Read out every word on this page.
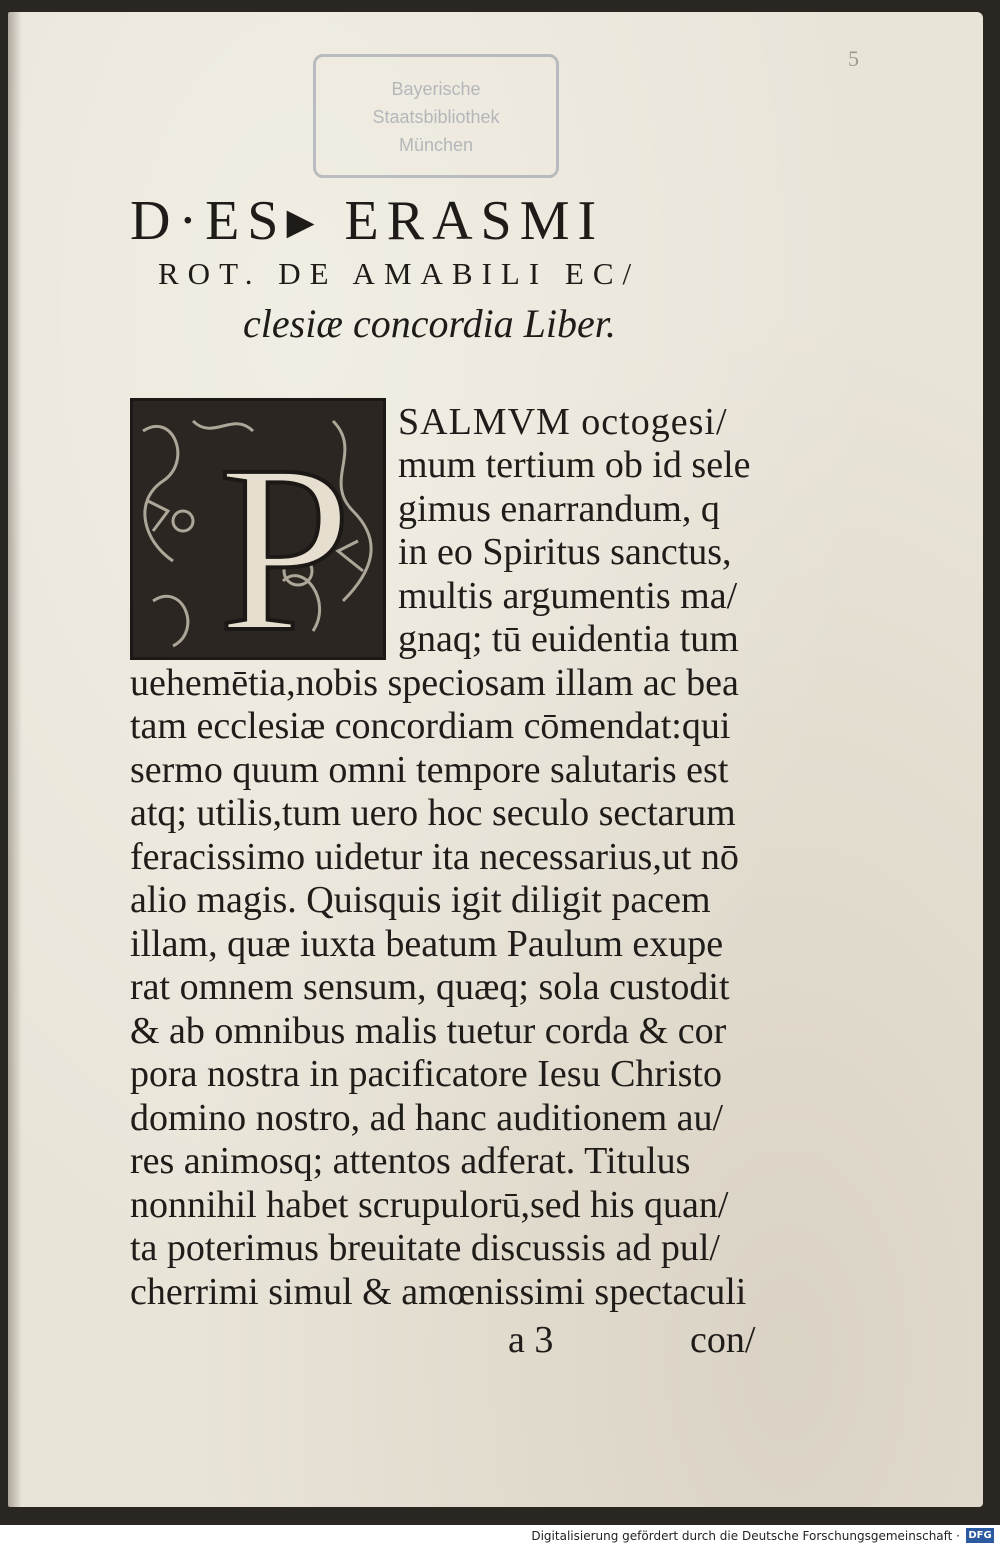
5
Bayerische
Staatsbibliothek
München
D·ES▸ ERASMI
ROT. DE AMABILI EC/
clesiæ concordia Liber.
P SALMVM octogesi/
mum tertium ob id sele
gimus enarrandum, q
in eo Spiritus sanctus,
multis argumentis ma/
gnaq; tū euidentia tum
uehemētia,nobis speciosam illam ac bea
tam ecclesiæ concordiam cōmendat:qui
sermo quum omni tempore salutaris est
atq; utilis,tum uero hoc seculo sectarum
feracissimo uidetur ita necessarius,ut nō
alio magis. Quisquis igit diligit pacem
illam, quæ iuxta beatum Paulum exupe
rat omnem sensum, quæq; sola custodit
& ab omnibus malis tuetur corda & cor
pora nostra in pacificatore Iesu Christo
domino nostro, ad hanc auditionem au/
res animosq; attentos adferat. Titulus
nonnihil habet scrupulorū,sed his quan/
ta poterimus breuitate discussis ad pul/
cherrimi simul & amœnissimi spectaculi
a 3	con/
Digitalisierung gefördert durch die Deutsche Forschungsgemeinschaft · DFG
